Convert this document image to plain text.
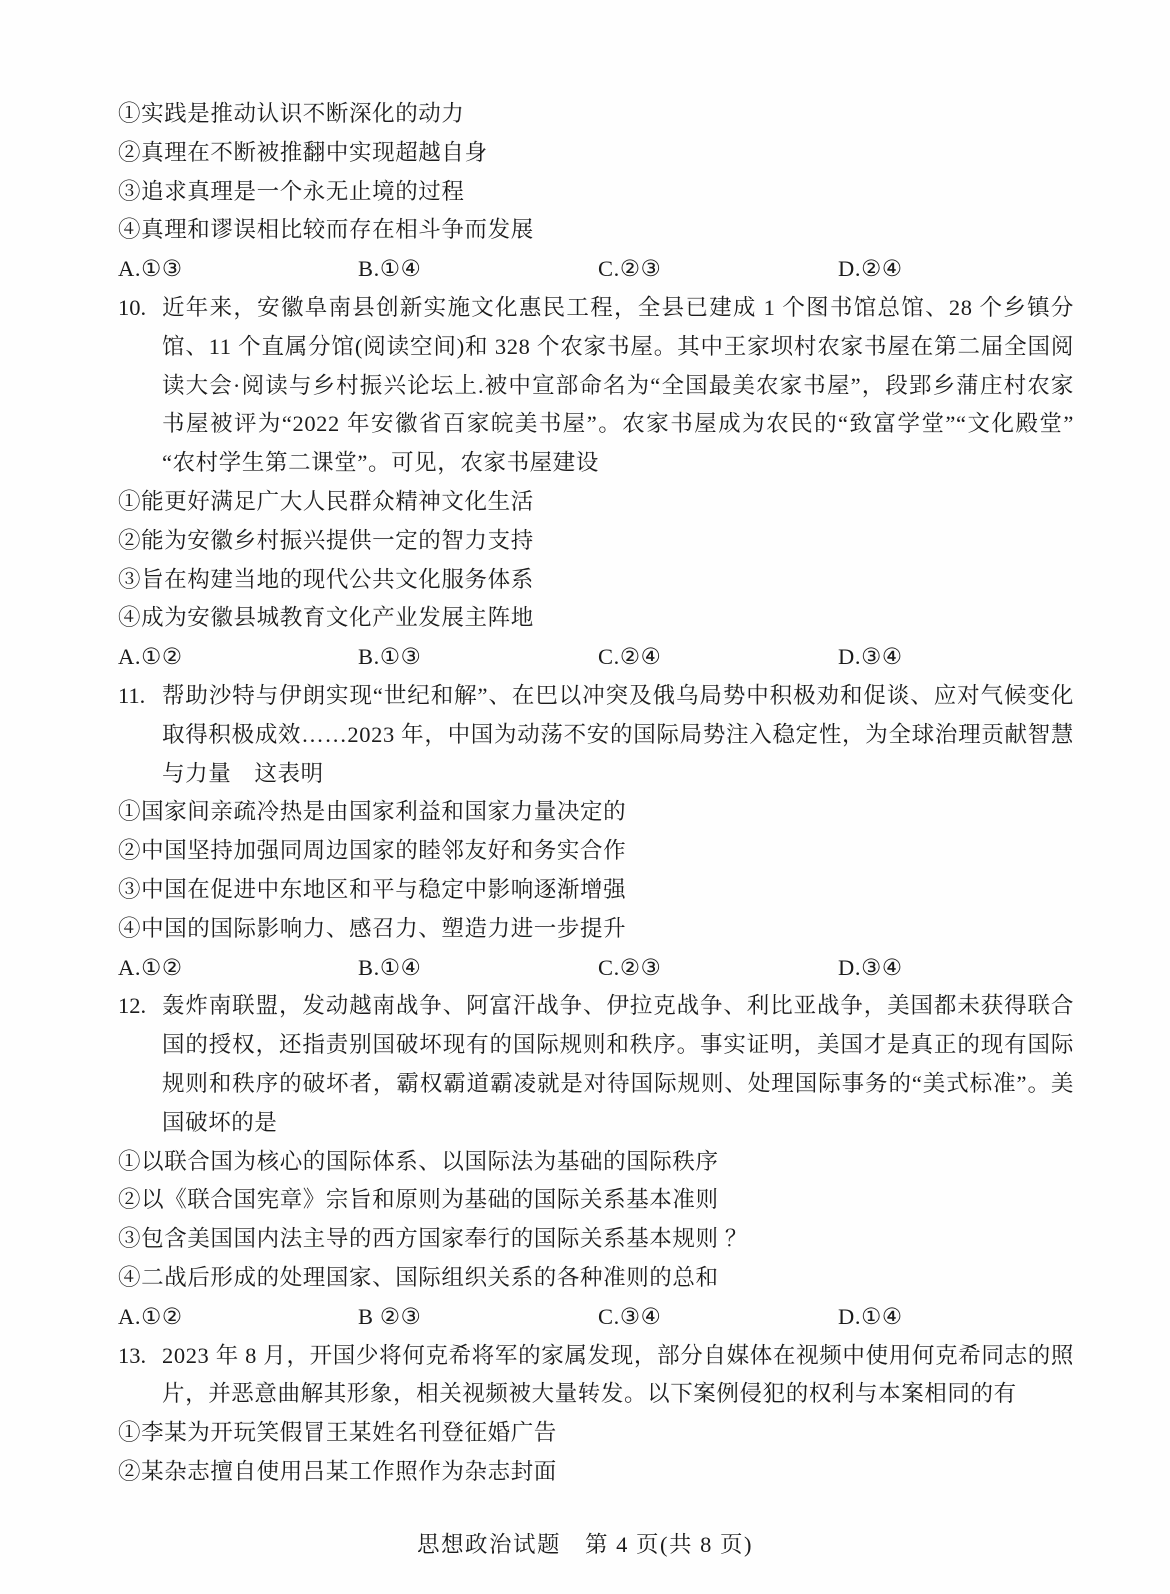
①实践是推动认识不断深化的动力
②真理在不断被推翻中实现超越自身
③追求真理是一个永无止境的过程
④真理和谬误相比较而存在相斗争而发展
A.①③	B.①④	C.②③	D.②④
10. 近年来，安徽阜南县创新实施文化惠民工程，全县已建成 1 个图书馆总馆、28 个乡镇分馆、11 个直属分馆(阅读空间)和 328 个农家书屋。其中王家坝村农家书屋在第二届全国阅读大会·阅读与乡村振兴论坛上.被中宣部命名为“全国最美农家书屋”，段郢乡蒲庄村农家书屋被评为“2022 年安徽省百家皖美书屋”。农家书屋成为农民的“致富学堂”“文化殿堂”“农村学生第二课堂”。可见，农家书屋建设
①能更好满足广大人民群众精神文化生活
②能为安徽乡村振兴提供一定的智力支持
③旨在构建当地的现代公共文化服务体系
④成为安徽县城教育文化产业发展主阵地
A.①②	B.①③	C.②④	D.③④
11. 帮助沙特与伊朗实现“世纪和解”、在巴以冲突及俄乌局势中积极劝和促谈、应对气候变化取得积极成效……2023 年，中国为动荡不安的国际局势注入稳定性，为全球治理贡献智慧与力量　这表明
①国家间亲疏冷热是由国家利益和国家力量决定的
②中国坚持加强同周边国家的睦邻友好和务实合作
③中国在促进中东地区和平与稳定中影响逐渐增强
④中国的国际影响力、感召力、塑造力进一步提升
A.①②	B.①④	C.②③	D.③④
12. 轰炸南联盟，发动越南战争、阿富汗战争、伊拉克战争、利比亚战争，美国都未获得联合国的授权，还指责别国破坏现有的国际规则和秩序。事实证明，美国才是真正的现有国际规则和秩序的破坏者，霸权霸道霸凌就是对待国际规则、处理国际事务的“美式标准”。美国破坏的是
①以联合国为核心的国际体系、以国际法为基础的国际秩序
②以《联合国宪章》宗旨和原则为基础的国际关系基本准则
③包含美国国内法主导的西方国家奉行的国际关系基本规则 ？
④二战后形成的处理国家、国际组织关系的各种准则的总和
A.①②	B ②③	C.③④	D.①④
13. 2023 年 8 月，开国少将何克希将军的家属发现，部分自媒体在视频中使用何克希同志的照片，并恶意曲解其形象，相关视频被大量转发。以下案例侵犯的权利与本案相同的有
①李某为开玩笑假冒王某姓名刊登征婚广告
②某杂志擅自使用吕某工作照作为杂志封面
思想政治试题　第 4 页(共 8 页)
